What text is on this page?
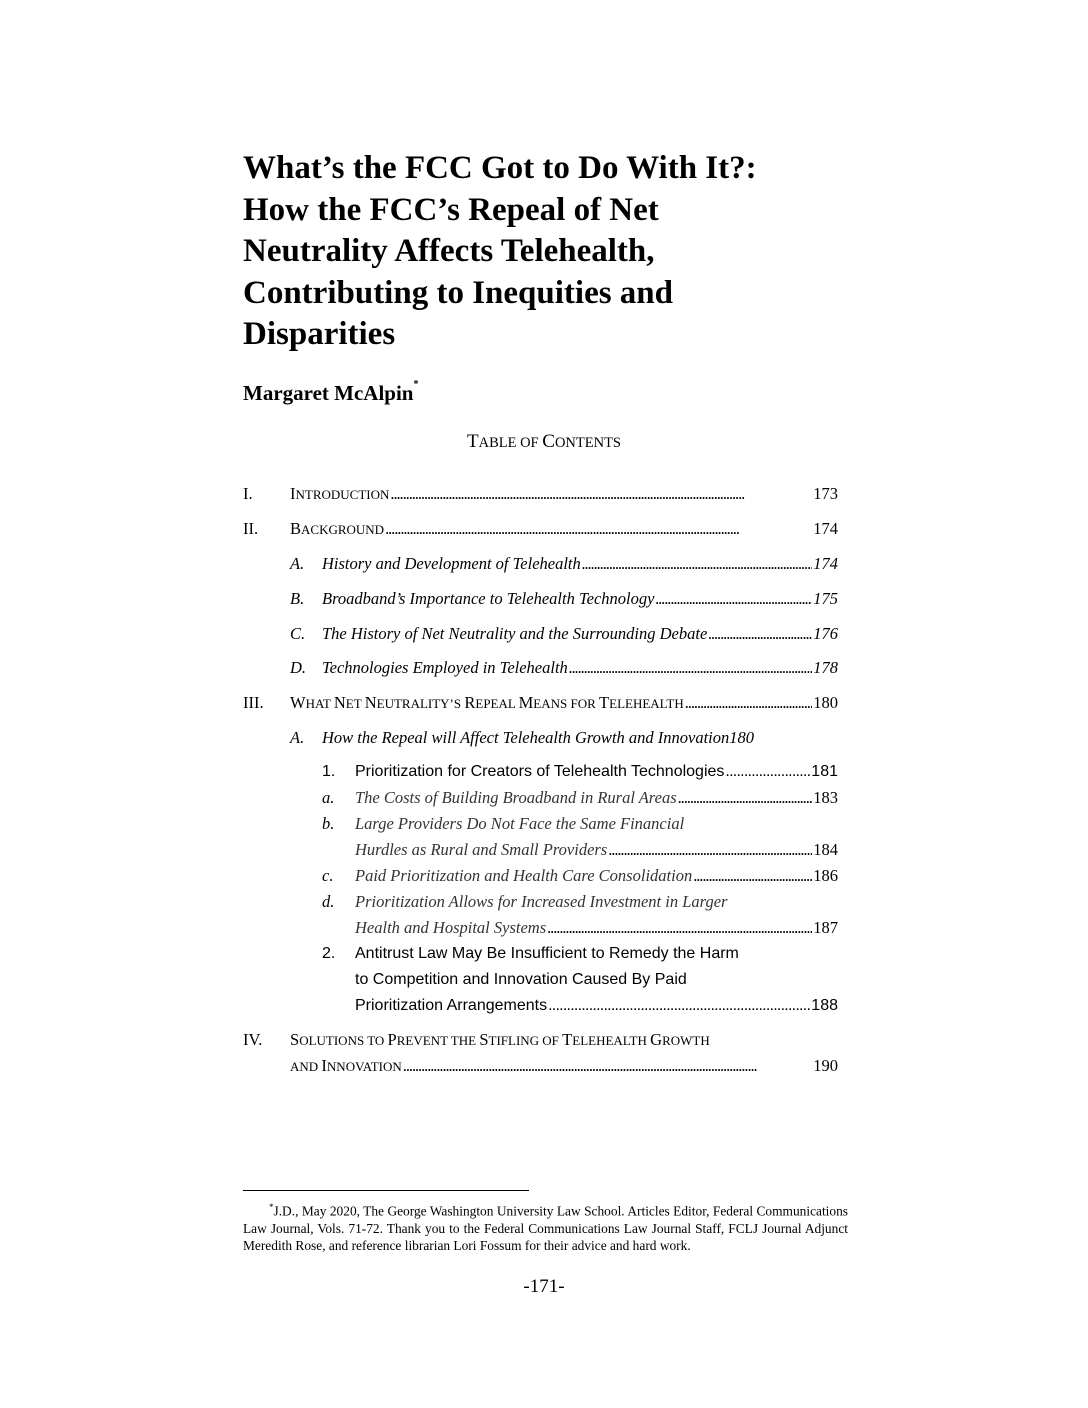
What’s the FCC Got to Do With It?:
How the FCC’s Repeal of Net
Neutrality Affects Telehealth,
Contributing to Inequities and
Disparities
Margaret McAlpin*
TABLE OF CONTENTS
I. INTRODUCTION . . .	173
II. BACKGROUND . . .	174
A. History and Development of Telehealth . . .	174
B. Broadband’s Importance to Telehealth Technology . . .	175
C. The History of Net Neutrality and the Surrounding Debate . . .	176
D. Technologies Employed in Telehealth . . .	178
III. WHAT NET NEUTRALITY’S REPEAL MEANS FOR TELEHEALTH . . .	180
A. How the Repeal will Affect Telehealth Growth and Innovation 180
1. Prioritization for Creators of Telehealth Technologies . . .	181
a. The Costs of Building Broadband in Rural Areas . . .	183
b. Large Providers Do Not Face the Same Financial
Hurdles as Rural and Small Providers . . .	184
c. Paid Prioritization and Health Care Consolidation . . .	186
d. Prioritization Allows for Increased Investment in Larger
Health and Hospital Systems . . .	187
2. Antitrust Law May Be Insufficient to Remedy the Harm
to Competition and Innovation Caused By Paid
Prioritization Arrangements . . .	188
IV. SOLUTIONS TO PREVENT THE STIFLING OF TELEHEALTH GROWTH
AND INNOVATION . . .	190

*J.D., May 2020, The George Washington University Law School. Articles Editor, Federal Communications Law Journal, Vols. 71-72. Thank you to the Federal Communications Law Journal Staff, FCLJ Journal Adjunct Meredith Rose, and reference librarian Lori Fossum for their advice and hard work.

-171-
